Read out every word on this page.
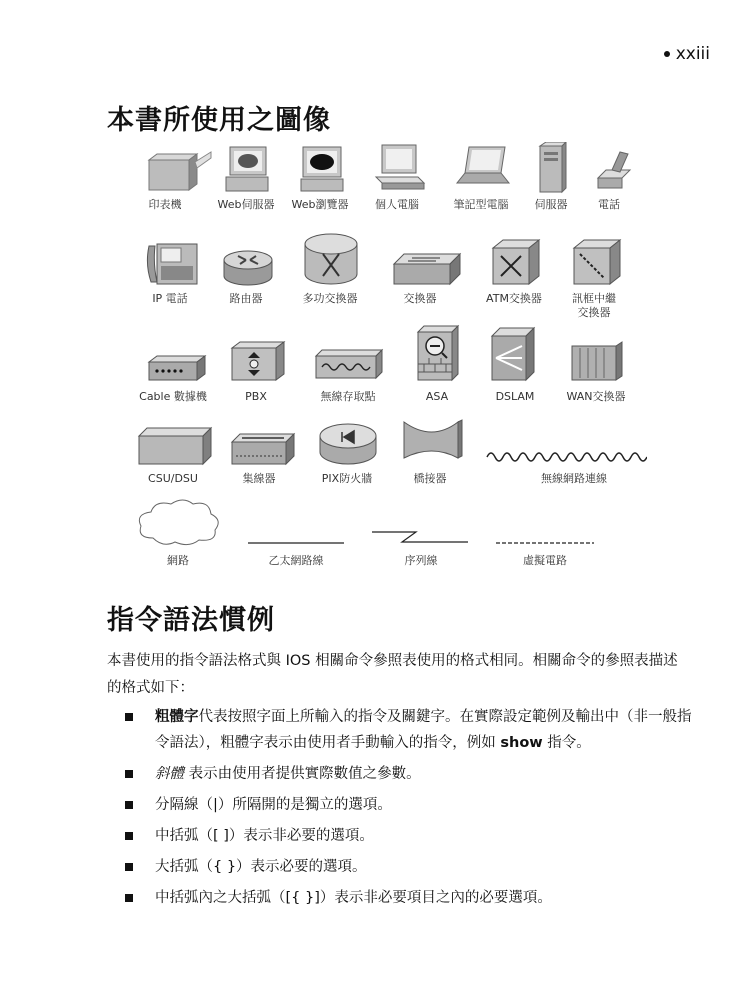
xxiii
本書所使用之圖像
印表機	Web伺服器 Web瀏覽器 個人電腦	筆記型電腦 伺服器	電話
IP 電話	路由器	多功交換器	交換器	ATM交換器	訊框中繼
交換器
Cable 數據機	PBX	無線存取點	ASA	DSLAM	WAN交換器
CSU/DSU	集線器	PIX防火牆	橋接器	無線網路連線
網路	乙太網路線	序列線	虛擬電路
指令語法慣例
本書使用的指令語法格式與 IOS 相關命令參照表使用的格式相同。相關命令的參照表描述的格式如下：
粗體字代表按照字面上所輸入的指令及關鍵字。在實際設定範例及輸出中（非一般指令語法），粗體字表示由使用者手動輸入的指令，例如 show 指令。
斜體 表示由使用者提供實際數值之參數。
分隔線（|）所隔開的是獨立的選項。
中括弧（[ ]）表示非必要的選項。
大括弧（{ }）表示必要的選項。
中括弧內之大括弧（[{ }]）表示非必要項目之內的必要選項。
